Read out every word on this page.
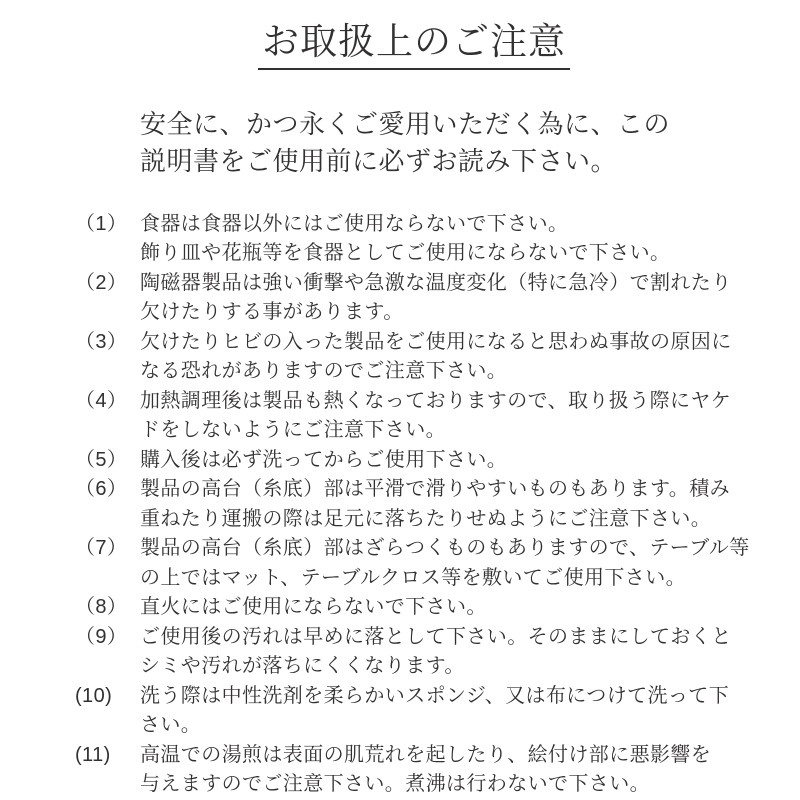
お取扱上のご注意
安全に、かつ永くご愛用いただく為に、この
説明書をご使用前に必ずお読み下さい。
（1） 食器は食器以外にはご使用ならないで下さい。
飾り皿や花瓶等を食器としてご使用にならないで下さい。
（2） 陶磁器製品は強い衝撃や急激な温度変化（特に急冷）で割れたり
欠けたりする事があります。
（3） 欠けたりヒビの入った製品をご使用になると思わぬ事故の原因に
なる恐れがありますのでご注意下さい。
（4） 加熱調理後は製品も熱くなっておりますので、取り扱う際にヤケ
ドをしないようにご注意下さい。
（5） 購入後は必ず洗ってからご使用下さい。
（6） 製品の高台（糸底）部は平滑で滑りやすいものもあります。積み
重ねたり運搬の際は足元に落ちたりせぬようにご注意下さい。
（7） 製品の高台（糸底）部はざらつくものもありますので、テーブル等
の上ではマット、テーブルクロス等を敷いてご使用下さい。
（8） 直火にはご使用にならないで下さい。
（9） ご使用後の汚れは早めに落として下さい。そのままにしておくと
シミや汚れが落ちにくくなります。
(10)	洗う際は中性洗剤を柔らかいスポンジ、又は布につけて洗って下
さい。
(11)	高温での湯煎は表面の肌荒れを起したり、絵付け部に悪影響を
与えますのでご注意下さい。煮沸は行わないで下さい。
